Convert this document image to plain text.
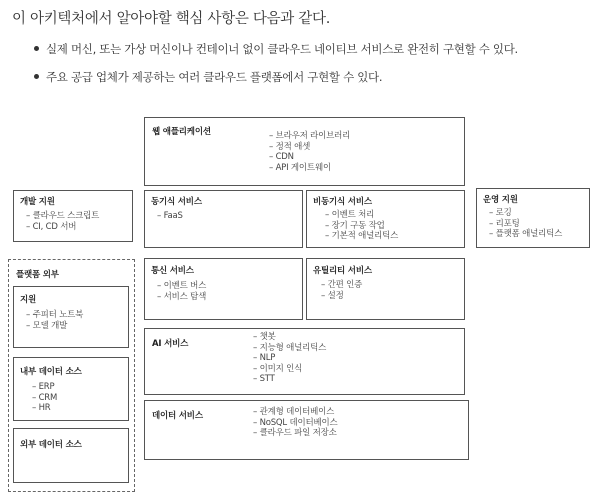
이 아키텍처에서 알아야할 핵심 사항은 다음과 같다.
실제 머신, 또는 가상 머신이나 컨테이너 없이 클라우드 네이티브 서비스로 완전히 구현할 수 있다.
주요 공급 업체가 제공하는 여러 클라우드 플랫폼에서 구현할 수 있다.
웹 애플리케이션	– 브라우저 라이브러리
– 정적 애셋
– CDN
– API 게이트웨이
개발 지원
– 클라우드 스크립트
– CI, CD 서버
동기식 서비스
– FaaS
비동기식 서비스
– 이벤트 처리
– 장기 구동 작업
– 기본적 애널리틱스
운영 지원
– 로깅
– 리포팅
– 플랫폼 애널리틱스
플랫폼 외부
지원
– 주피터 노트북
– 모델 개발
통신 서비스
– 이벤트 버스
– 서비스 탐색
유틸리티 서비스
– 간편 인증
– 설정
내부 데이터 소스
– ERP
– CRM
– HR
AI 서비스
– 챗봇
– 지능형 애널리틱스
– NLP
– 이미지 인식
– STT
외부 데이터 소스
데이터 서비스	– 관계형 데이터베이스
– NoSQL 데이터베이스
– 클라우드 파일 저장소
